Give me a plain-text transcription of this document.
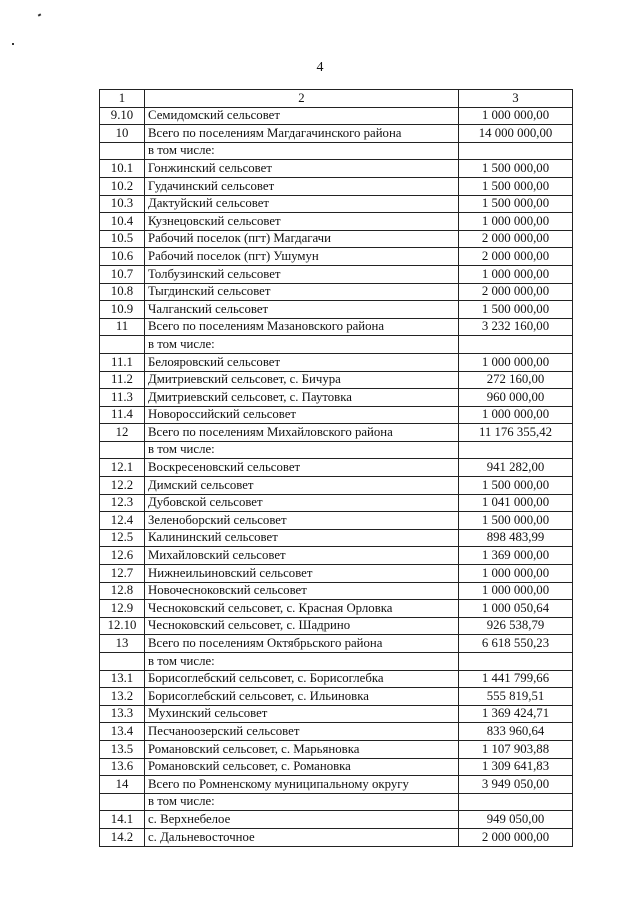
4
1	2	3
9.10	Семидомский сельсовет	1 000 000,00
10	Всего по поселениям Магдагачинского района	14 000 000,00
	в том числе:	
10.1	Гонжинский сельсовет	1 500 000,00
10.2	Гудачинский сельсовет	1 500 000,00
10.3	Дактуйский сельсовет	1 500 000,00
10.4	Кузнецовский сельсовет	1 000 000,00
10.5	Рабочий поселок (пгт) Магдагачи	2 000 000,00
10.6	Рабочий поселок (пгт) Ушумун	2 000 000,00
10.7	Толбузинский сельсовет	1 000 000,00
10.8	Тыгдинский сельсовет	2 000 000,00
10.9	Чалганский сельсовет	1 500 000,00
11	Всего по поселениям Мазановского района	3 232 160,00
	в том числе:	
11.1	Белояровский сельсовет	1 000 000,00
11.2	Дмитриевский сельсовет, с. Бичура	272 160,00
11.3	Дмитриевский сельсовет, с. Паутовка	960 000,00
11.4	Новороссийский сельсовет	1 000 000,00
12	Всего по поселениям Михайловского района	11 176 355,42
	в том числе:	
12.1	Воскресеновский сельсовет	941 282,00
12.2	Димский сельсовет	1 500 000,00
12.3	Дубовской сельсовет	1 041 000,00
12.4	Зеленоборский сельсовет	1 500 000,00
12.5	Калининский сельсовет	898 483,99
12.6	Михайловский сельсовет	1 369 000,00
12.7	Нижнеильиновский сельсовет	1 000 000,00
12.8	Новочесноковский сельсовет	1 000 000,00
12.9	Чесноковский сельсовет, с. Красная Орловка	1 000 050,64
12.10	Чесноковский сельсовет, с. Шадрино	926 538,79
13	Всего по поселениям Октябрьского района	6 618 550,23
	в том числе:	
13.1	Борисоглебский сельсовет, с. Борисоглебка	1 441 799,66
13.2	Борисоглебский сельсовет, с. Ильиновка	555 819,51
13.3	Мухинский сельсовет	1 369 424,71
13.4	Песчаноозерский сельсовет	833 960,64
13.5	Романовский сельсовет, с. Марьяновка	1 107 903,88
13.6	Романовский сельсовет, с. Романовка	1 309 641,83
14	Всего по Ромненскому муниципальному округу	3 949 050,00
	в том числе:	
14.1	с. Верхнебелое	949 050,00
14.2	с. Дальневосточное	2 000 000,00
